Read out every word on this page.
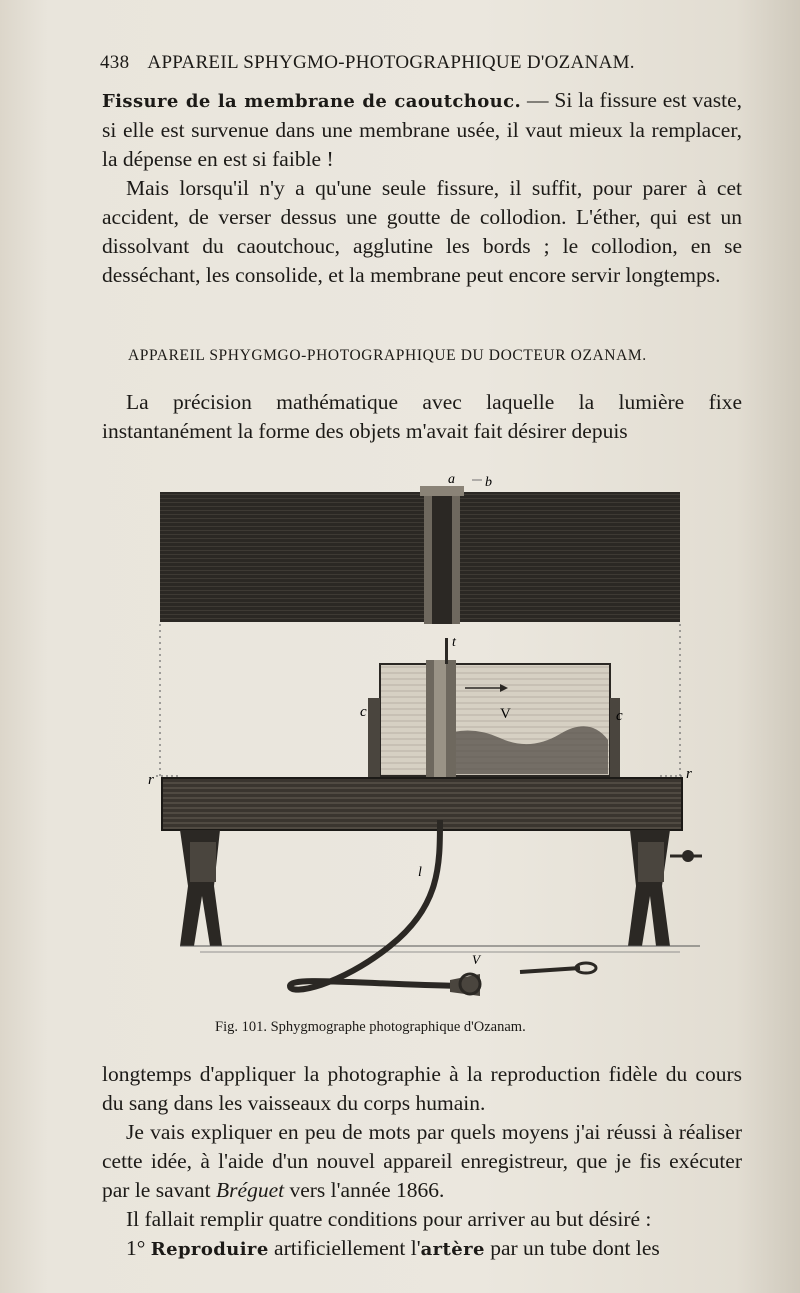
438 APPAREIL SPHYGMO-PHOTOGRAPHIQUE D'OZANAM.

Fissure de la membrane de caoutchouc. — Si la fissure est vaste, si elle est survenue dans une membrane usée, il vaut mieux la remplacer, la dépense en est si faible !

Mais lorsqu'il n'y a qu'une seule fissure, il suffit, pour parer à cet accident, de verser dessus une goutte de collodion. L'éther, qui est un dissolvant du caoutchouc, agglutine les bords ; le collodion, en se desséchant, les consolide, et la membrane peut encore servir longtemps.

APPAREIL SPHYGMGO-PHOTOGRAPHIQUE DU DOCTEUR OZANAM.

La précision mathématique avec laquelle la lumière fixe instantanément la forme des objets m'avait fait désirer depuis

a b
c	c
V
t
r	r
l
V
Fig. 101. Sphygmographe photographique d'Ozanam.

longtemps d'appliquer la photographie à la reproduction fidèle du cours du sang dans les vaisseaux du corps humain.

Je vais expliquer en peu de mots par quels moyens j'ai réussi à réaliser cette idée, à l'aide d'un nouvel appareil enregistreur, que je fis exécuter par le savant Bréguet vers l'année 1866.

Il fallait remplir quatre conditions pour arriver au but désiré :

1° Reproduire artificiellement l'artère par un tube dont les
